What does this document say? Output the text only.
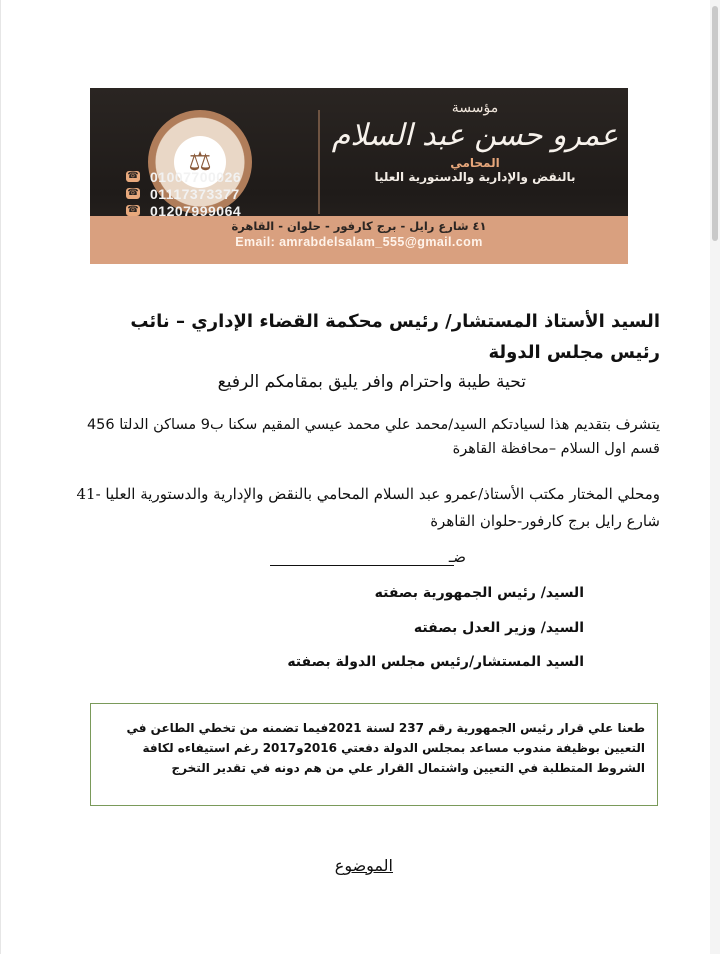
⚖
☎ 01007700026
☎ 01117373377
☎ 01207999064
مؤسسة
عمرو حسن عبد السلام
المحامي
بالنقض والإدارية والدستورية العليا
٤١ شارع رايل - برج كارفور - حلوان - القاهرة
Email: amrabdelsalam_555@gmail.com
السيد الأستاذ المستشار/ رئيس محكمة القضاء الإداري – نائب رئيس مجلس الدولة
تحية طيبة واحترام وافر يليق بمقامكم الرفيع
يتشرف بتقديم هذا لسيادتكم السيد/محمد علي محمد عيسي المقيم سكنا ب9 مساكن الدلتا 456 قسم اول السلام –محافظة القاهرة
ومحلي المختار مكتب الأستاذ/عمرو عبد السلام المحامي بالنقض والإدارية والدستورية العليا -41 شارع رايل برج كارفور-حلوان القاهرة
ضـ
السيد/ رئيس الجمهورية بصفته
السيد/ وزير العدل بصفته
السيد المستشار/رئيس مجلس الدولة بصفته
طعنا علي قرار رئيس الجمهورية رقم 237 لسنة 2021فيما تضمنه من تخطي الطاعن في التعيين بوظيفة مندوب مساعد بمجلس الدولة دفعتي 2016و2017 رغم استيفاءه لكافة الشروط المتطلبة في التعيين واشتمال القرار علي من هم دونه في تقدير التخرج
الموضوع
